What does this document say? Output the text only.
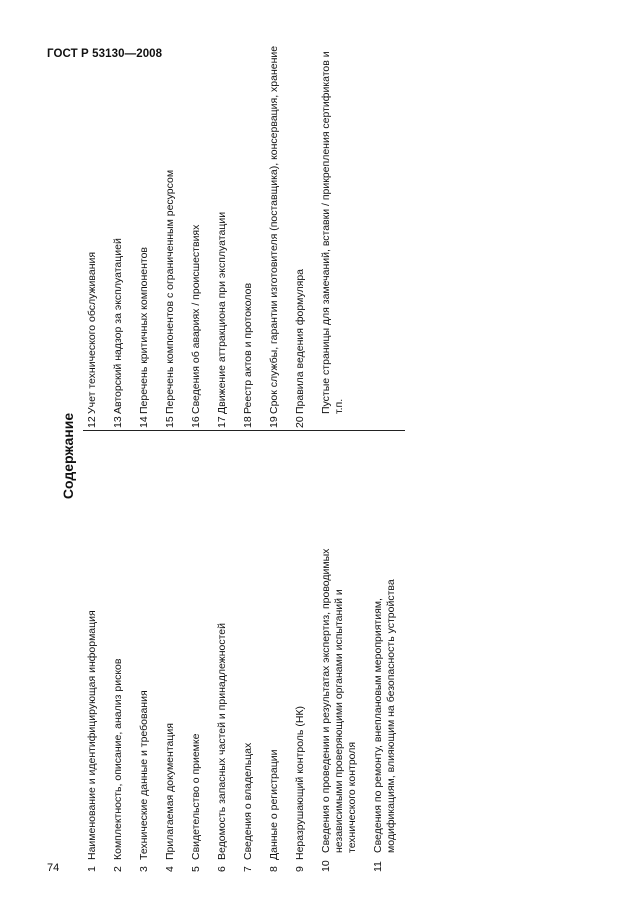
ГОСТ Р 53130—2008
74
Содержание
1
Наименование и идентифицирующая информация
2
Комплектность, описание, анализ рисков
3
Технические данные и требования
4
Прилагаемая документация
5
Свидетельство о приемке
6
Ведомость запасных частей и принадлежностей
7
Сведения о владельцах
8
Данные о регистрации
9
Неразрушающий контроль (НК)
10
Сведения о проведении и результатах экспертиз, проводимых независимыми проверяющими органами испытаний и технического контроля
11
Сведения по ремонту, внеплановым мероприятиям, модификациям, влияющим на безопасность устройства
12
Учет технического обслуживания
13
Авторский надзор за эксплуатацией
14
Перечень критичных компонентов
15
Перечень компонентов с ограниченным ресурсом
16
Сведения об авариях / происшествиях
17
Движение аттракциона при эксплуатации
18
Реестр актов и протоколов
19
Срок службы, гарантии изготовителя (поставщика), консервация, хранение
20
Правила ведения формуляра Пустые страницы для замечаний, вставки / прикрепления сертификатов и т.п.
